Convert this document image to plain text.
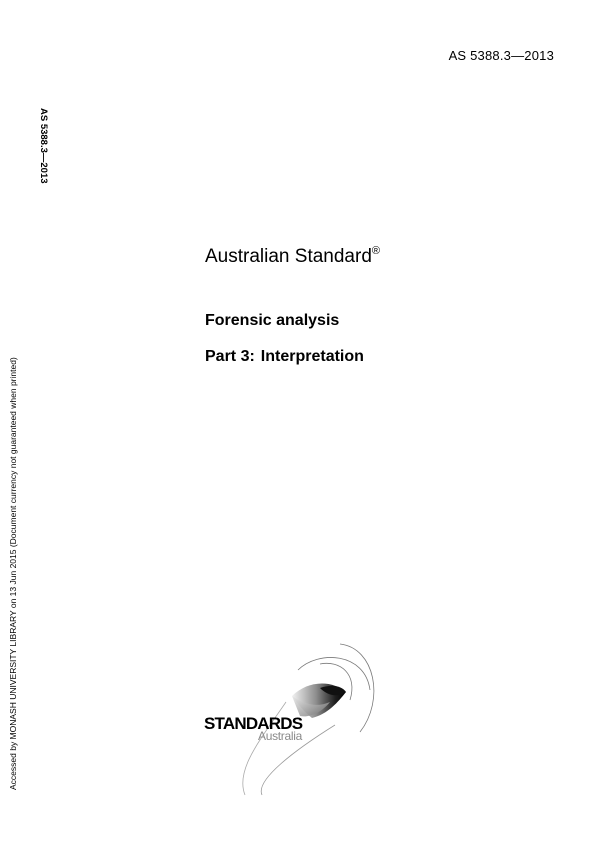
AS 5388.3—2013
AS 5388.3—2013
Accessed by MONASH UNIVERSITY LIBRARY on 13 Jun 2015 (Document currency not guaranteed when printed)
Australian Standard®
Forensic analysis
Part 3: Interpretation
STANDARDS
Australia
